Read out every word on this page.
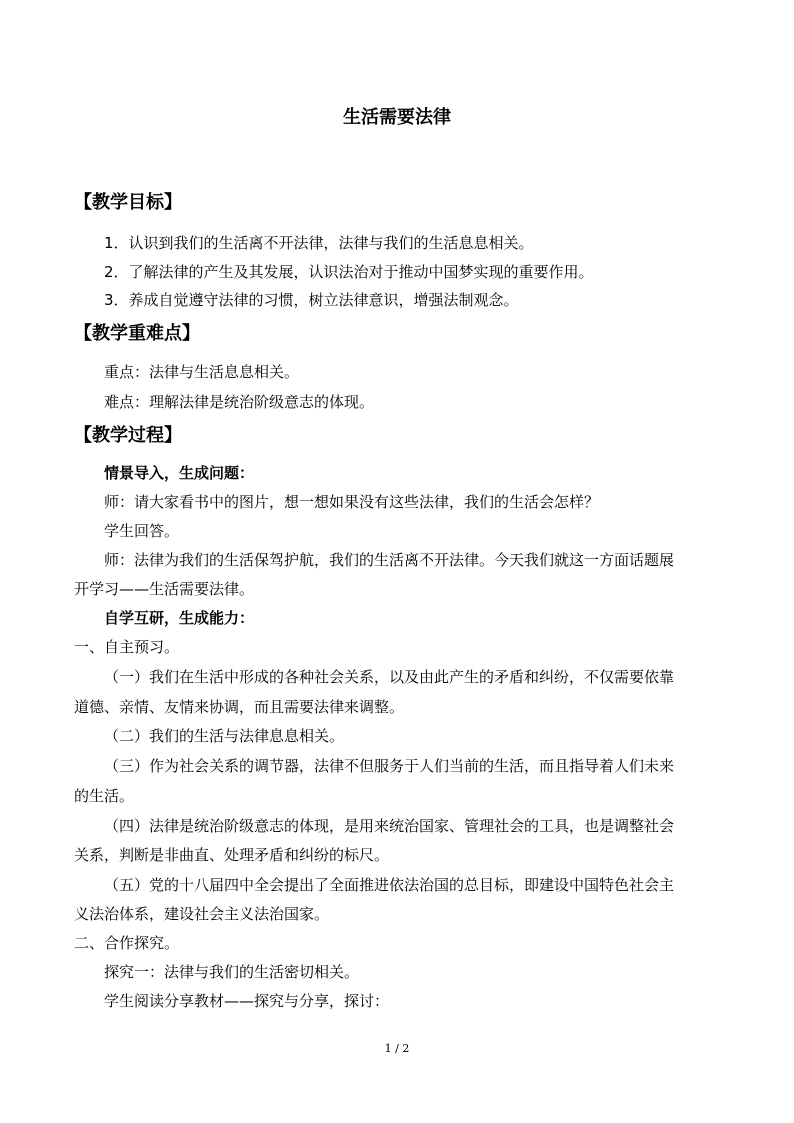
生活需要法律
【教学目标】
1．认识到我们的生活离不开法律，法律与我们的生活息息相关。
2．了解法律的产生及其发展，认识法治对于推动中国梦实现的重要作用。
3．养成自觉遵守法律的习惯，树立法律意识，增强法制观念。
【教学重难点】
重点：法律与生活息息相关。
难点：理解法律是统治阶级意志的体现。
【教学过程】
情景导入，生成问题：
师：请大家看书中的图片，想一想如果没有这些法律，我们的生活会怎样？
学生回答。
师：法律为我们的生活保驾护航，我们的生活离不开法律。今天我们就这一方面话题展
开学习——生活需要法律。
自学互研，生成能力：
一、自主预习。
（一）我们在生活中形成的各种社会关系，以及由此产生的矛盾和纠纷，不仅需要依靠
道德、亲情、友情来协调，而且需要法律来调整。
（二）我们的生活与法律息息相关。
（三）作为社会关系的调节器，法律不但服务于人们当前的生活，而且指导着人们未来
的生活。
（四）法律是统治阶级意志的体现，是用来统治国家、管理社会的工具，也是调整社会
关系，判断是非曲直、处理矛盾和纠纷的标尺。
（五）党的十八届四中全会提出了全面推进依法治国的总目标，即建设中国特色社会主
义法治体系，建设社会主义法治国家。
二、合作探究。
探究一：法律与我们的生活密切相关。
学生阅读分享教材——探究与分享，探讨：
1 / 2
